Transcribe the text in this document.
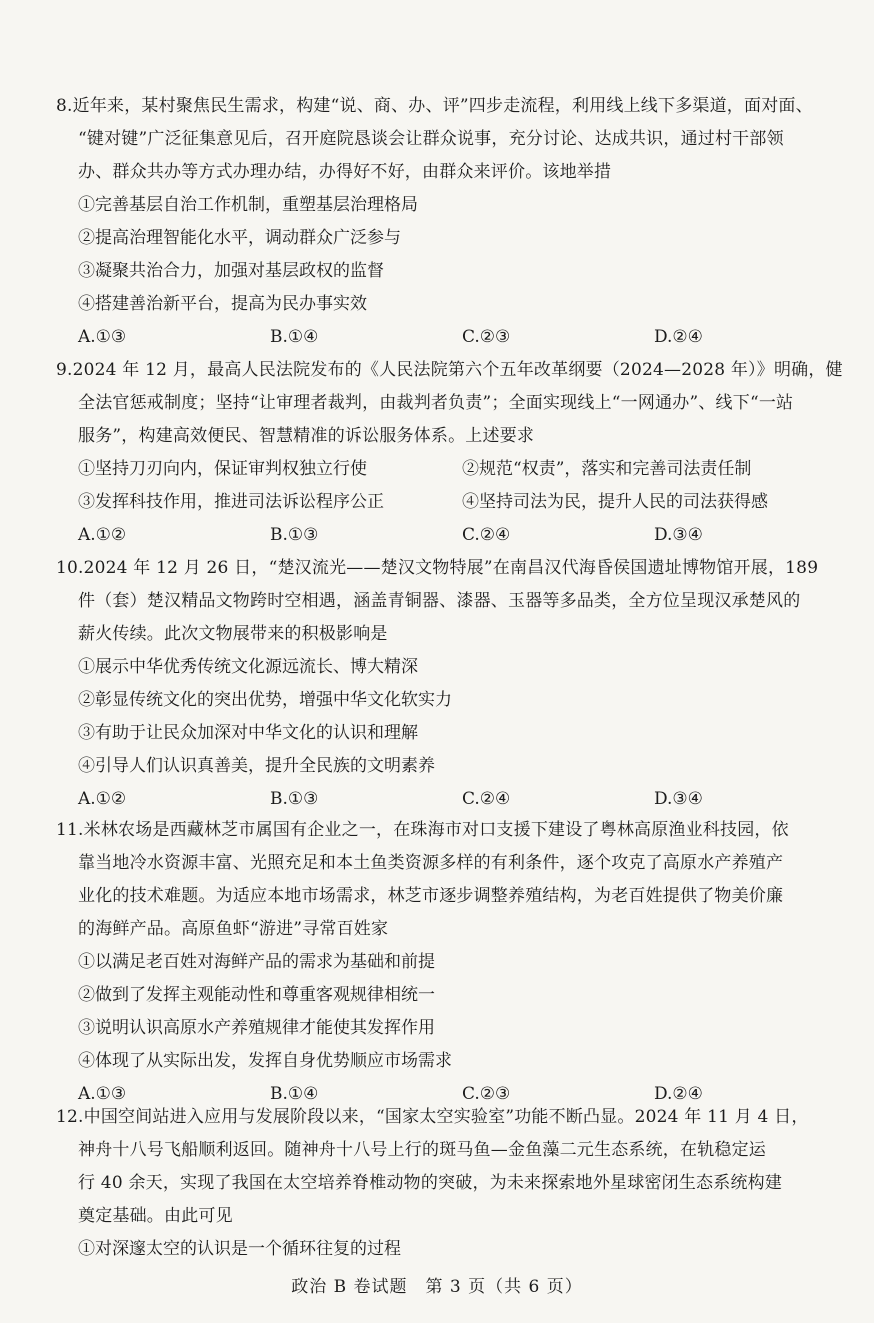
8.近年来，某村聚焦民生需求，构建“说、商、办、评”四步走流程，利用线上线下多渠道，面对面、

“键对键”广泛征集意见后，召开庭院恳谈会让群众说事，充分讨论、达成共识，通过村干部领

办、群众共办等方式办理办结，办得好不好，由群众来评价。该地举措

①完善基层自治工作机制，重塑基层治理格局

②提高治理智能化水平，调动群众广泛参与

③凝聚共治合力，加强对基层政权的监督

④搭建善治新平台，提高为民办事实效

A.①③	B.①④	C.②③	D.②④

9.2024 年 12 月，最高人民法院发布的《人民法院第六个五年改革纲要（2024—2028 年）》明确，健

全法官惩戒制度；坚持“让审理者裁判，由裁判者负责”；全面实现线上“一网通办”、线下“一站

服务”，构建高效便民、智慧精准的诉讼服务体系。上述要求

①坚持刀刃向内，保证审判权独立行使	②规范“权责”，落实和完善司法责任制
③发挥科技作用，推进司法诉讼程序公正	④坚持司法为民，提升人民的司法获得感
A.①②	B.①③	C.②④	D.③④

10.2024 年 12 月 26 日，“楚汉流光——楚汉文物特展”在南昌汉代海昏侯国遗址博物馆开展，189

件（套）楚汉精品文物跨时空相遇，涵盖青铜器、漆器、玉器等多品类，全方位呈现汉承楚风的

薪火传续。此次文物展带来的积极影响是

①展示中华优秀传统文化源远流长、博大精深

②彰显传统文化的突出优势，增强中华文化软实力

③有助于让民众加深对中华文化的认识和理解

④引导人们认识真善美，提升全民族的文明素养

A.①②	B.①③	C.②④	D.③④

11.米林农场是西藏林芝市属国有企业之一，在珠海市对口支援下建设了粤林高原渔业科技园，依

靠当地冷水资源丰富、光照充足和本土鱼类资源多样的有利条件，逐个攻克了高原水产养殖产

业化的技术难题。为适应本地市场需求，林芝市逐步调整养殖结构，为老百姓提供了物美价廉

的海鲜产品。高原鱼虾“游进”寻常百姓家

①以满足老百姓对海鲜产品的需求为基础和前提

②做到了发挥主观能动性和尊重客观规律相统一

③说明认识高原水产养殖规律才能使其发挥作用

④体现了从实际出发，发挥自身优势顺应市场需求

A.①③	B.①④	C.②③	D.②④

12.中国空间站进入应用与发展阶段以来，“国家太空实验室”功能不断凸显。2024 年 11 月 4 日，

神舟十八号飞船顺利返回。随神舟十八号上行的斑马鱼—金鱼藻二元生态系统，在轨稳定运

行 40 余天，实现了我国在太空培养脊椎动物的突破，为未来探索地外星球密闭生态系统构建

奠定基础。由此可见

①对深邃太空的认识是一个循环往复的过程

政治 B 卷试题　第 3 页（共 6 页）
